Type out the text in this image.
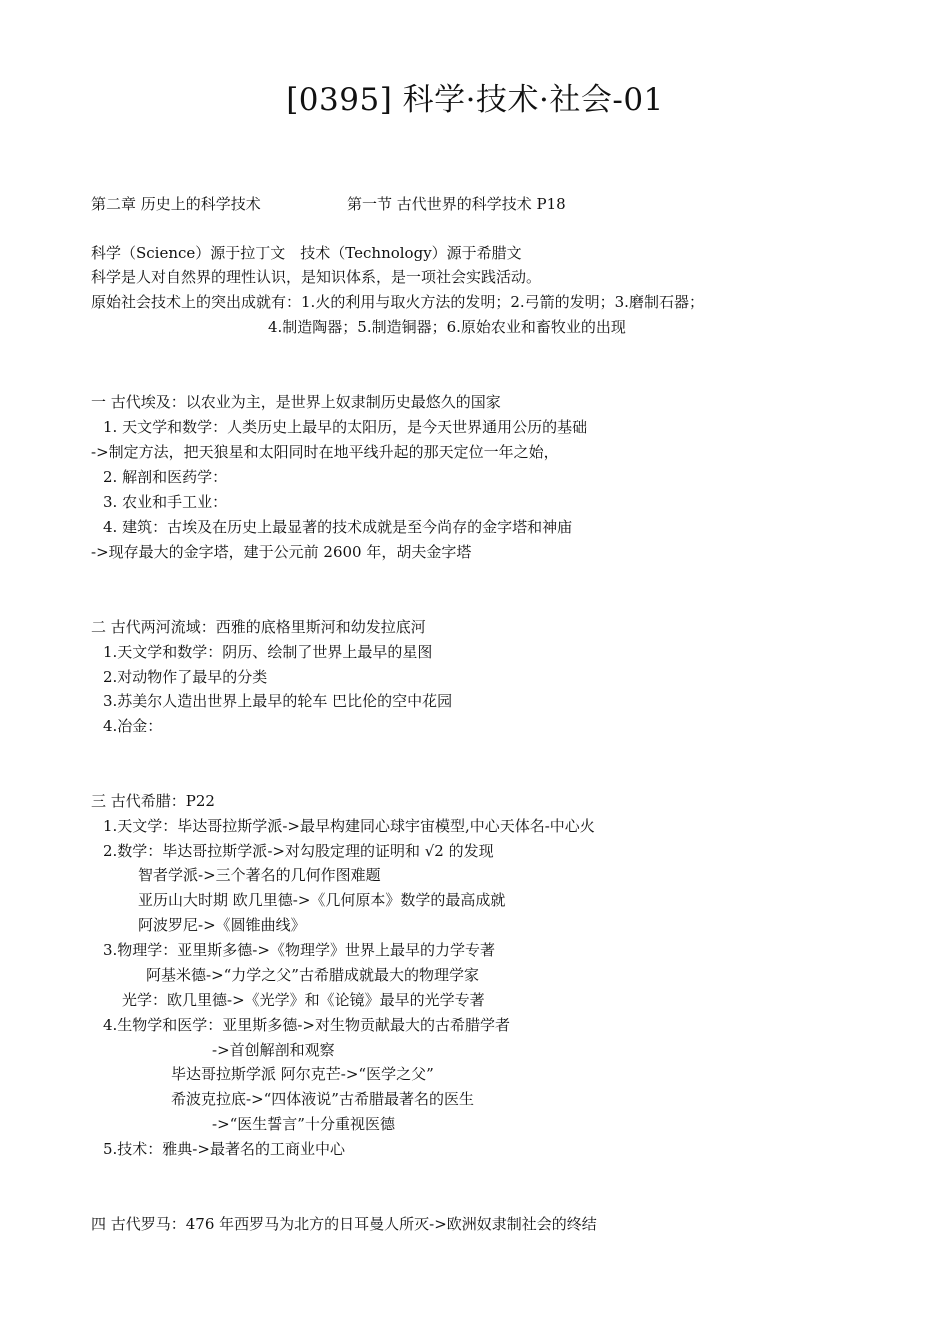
[0395] 科学·技术·社会-01
第二章 历史上的科学技术	第一节 古代世界的科学技术 P18
科学（Science）源于拉丁文　技术（Technology）源于希腊文
科学是人对自然界的理性认识，是知识体系，是一项社会实践活动。
原始社会技术上的突出成就有：1.火的利用与取火方法的发明；2.弓箭的发明；3.磨制石器；
4.制造陶器；5.制造铜器；6.原始农业和畜牧业的出现
一 古代埃及：以农业为主，是世界上奴隶制历史最悠久的国家
1. 天文学和数学：人类历史上最早的太阳历，是今天世界通用公历的基础
->制定方法，把天狼星和太阳同时在地平线升起的那天定位一年之始，
2. 解剖和医药学：
3. 农业和手工业：
4. 建筑：古埃及在历史上最显著的技术成就是至今尚存的金字塔和神庙
->现存最大的金字塔，建于公元前 2600 年，胡夫金字塔
二 古代两河流域：西雅的底格里斯河和幼发拉底河
1.天文学和数学：阴历、绘制了世界上最早的星图
2.对动物作了最早的分类
3.苏美尔人造出世界上最早的轮车 巴比伦的空中花园
4.冶金：
三 古代希腊：P22
1.天文学：毕达哥拉斯学派->最早构建同心球宇宙模型,中心天体名-中心火
2.数学：毕达哥拉斯学派->对勾股定理的证明和 √2 的发现
智者学派->三个著名的几何作图难题
亚历山大时期 欧几里德->《几何原本》数学的最高成就
阿波罗尼->《圆锥曲线》
3.物理学：亚里斯多德->《物理学》世界上最早的力学专著
阿基米德->“力学之父”古希腊成就最大的物理学家
光学：欧几里德->《光学》和《论镜》最早的光学专著
4.生物学和医学：亚里斯多德->对生物贡献最大的古希腊学者
->首创解剖和观察
毕达哥拉斯学派 阿尔克芒->“医学之父”
希波克拉底->“四体液说”古希腊最著名的医生
->“医生誓言”十分重视医德
5.技术：雅典->最著名的工商业中心
四 古代罗马：476 年西罗马为北方的日耳曼人所灭->欧洲奴隶制社会的终结
